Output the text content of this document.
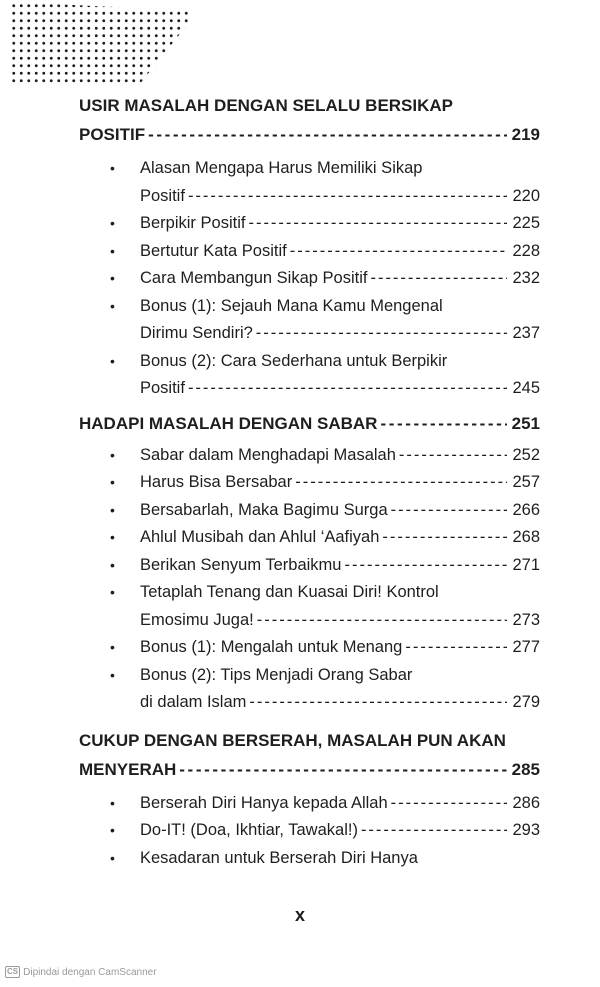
USIR MASALAH DENGAN SELALU BERSIKAP
POSITIF -----	219
• Alasan Mengapa Harus Memiliki Sikap
Positif -----	220
• Berpikir Positif -----	225
• Bertutur Kata Positif -----	228
• Cara Membangun Sikap Positif -----	232
• Bonus (1): Sejauh Mana Kamu Mengenal
Dirimu Sendiri? -----	237
• Bonus (2): Cara Sederhana untuk Berpikir
Positif -----	245
HADAPI MASALAH DENGAN SABAR -----	251
• Sabar dalam Menghadapi Masalah -----	252
• Harus Bisa Bersabar -----	257
• Bersabarlah, Maka Bagimu Surga -----	266
• Ahlul Musibah dan Ahlul ‘Aafiyah -----	268
• Berikan Senyum Terbaikmu -----	271
• Tetaplah Tenang dan Kuasai Diri! Kontrol
Emosimu Juga! -----	273
• Bonus (1): Mengalah untuk Menang -----	277
• Bonus (2): Tips Menjadi Orang Sabar
di dalam Islam -----	279
CUKUP DENGAN BERSERAH, MASALAH PUN AKAN
MENYERAH -----	285
• Berserah Diri Hanya kepada Allah -----	286
• Do-IT! (Doa, Ikhtiar, Tawakal!) -----	293
• Kesadaran untuk Berserah Diri Hanya
x
CS Dipindai dengan CamScanner
